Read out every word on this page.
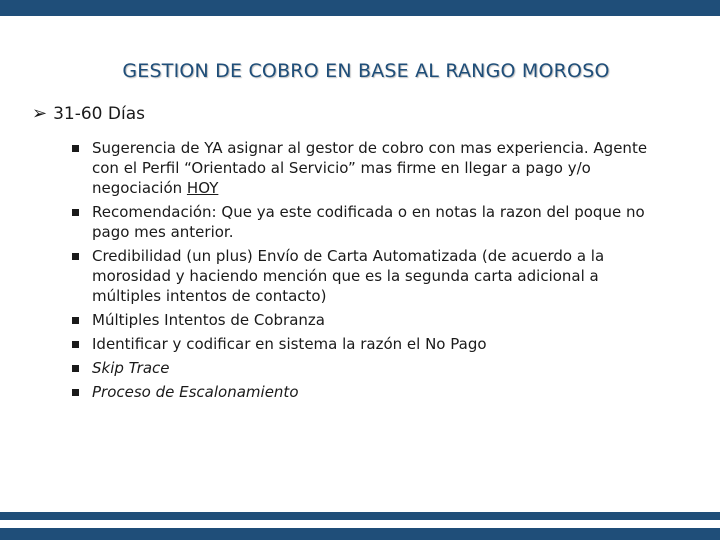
GESTION DE COBRO EN BASE AL RANGO MOROSO
➢ 31-60 Días
Sugerencia de YA asignar al gestor de cobro con mas experiencia. Agente con el Perfil “Orientado al Servicio” mas firme en llegar a pago y/o negociación HOY
Recomendación: Que ya este codificada o en notas la razon del poque no pago mes anterior.
Credibilidad (un plus) Envío de Carta Automatizada (de acuerdo a la morosidad y haciendo mención que es la segunda carta adicional a múltiples intentos de contacto)
Múltiples Intentos de Cobranza
Identificar y codificar en sistema la razón el No Pago
Skip Trace
Proceso de Escalonamiento
